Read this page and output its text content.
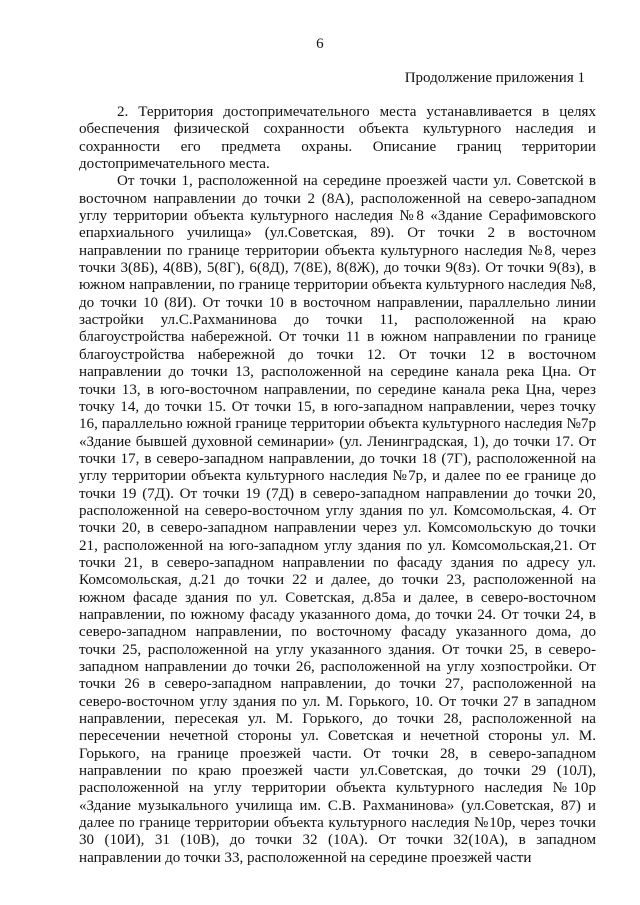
6
Продолжение приложения 1

2. Территория достопримечательного места устанавливается в целях обеспечения физической сохранности объекта культурного наследия и сохранности его предмета охраны. Описание границ территории достопримечательного места.

От точки 1, расположенной на середине проезжей части ул. Советской в восточном направлении до точки 2 (8А), расположенной на северо-западном углу территории объекта культурного наследия №8 «Здание Серафимовского епархиального училища» (ул.Советская, 89). От точки 2 в восточном направлении по границе территории объекта культурного наследия №8, через точки 3(8Б), 4(8В), 5(8Г), 6(8Д), 7(8Е), 8(8Ж), до точки 9(8з). От точки 9(8з), в южном направлении, по границе территории объекта культурного наследия №8, до точки 10 (8И). От точки 10 в восточном направлении, параллельно линии застройки ул.С.Рахманинова до точки 11, расположенной на краю благоустройства набережной. От точки 11 в южном направлении по границе благоустройства набережной до точки 12. От точки 12 в восточном направлении до точки 13, расположенной на середине канала река Цна. От точки 13, в юго-восточном направлении, по середине канала река Цна, через точку 14, до точки 15. От точки 15, в юго-западном направлении, через точку 16, параллельно южной границе территории объекта культурного наследия №7р «Здание бывшей духовной семинарии» (ул. Ленинградская, 1), до точки 17. От точки 17, в северо-западном направлении, до точки 18 (7Г), расположенной на углу территории объекта культурного наследия №7р, и далее по ее границе до точки 19 (7Д). От точки 19 (7Д) в северо-западном направлении до точки 20, расположенной на северо-восточном углу здания по ул. Комсомольская, 4. От точки 20, в северо-западном направлении через ул. Комсомольскую до точки 21, расположенной на юго-западном углу здания по ул. Комсомольская,21. От точки 21, в северо-западном направлении по фасаду здания по адресу ул. Комсомольская, д.21 до точки 22 и далее, до точки 23, расположенной на южном фасаде здания по ул. Советская, д.85а и далее, в северо-восточном направлении, по южному фасаду указанного дома, до точки 24. От точки 24, в северо-западном направлении, по восточному фасаду указанного дома, до точки 25, расположенной на углу указанного здания. От точки 25, в северо-западном направлении до точки 26, расположенной на углу хозпостройки. От точки 26 в северо-западном направлении, до точки 27, расположенной на северо-восточном углу здания по ул. М. Горького, 10. От точки 27 в западном направлении, пересекая ул. М. Горького, до точки 28, расположенной на пересечении нечетной стороны ул. Советская и нечетной стороны ул. М. Горького, на границе проезжей части. От точки 28, в северо-западном направлении по краю проезжей части ул.Советская, до точки 29 (10Л), расположенной на углу территории объекта культурного наследия №10р «Здание музыкального училища им. С.В. Рахманинова» (ул.Советская, 87) и далее по границе территории объекта культурного наследия №10р, через точки 30 (10И), 31 (10В), до точки 32 (10А). От точки 32(10А), в западном направлении до точки 33, расположенной на середине проезжей части
